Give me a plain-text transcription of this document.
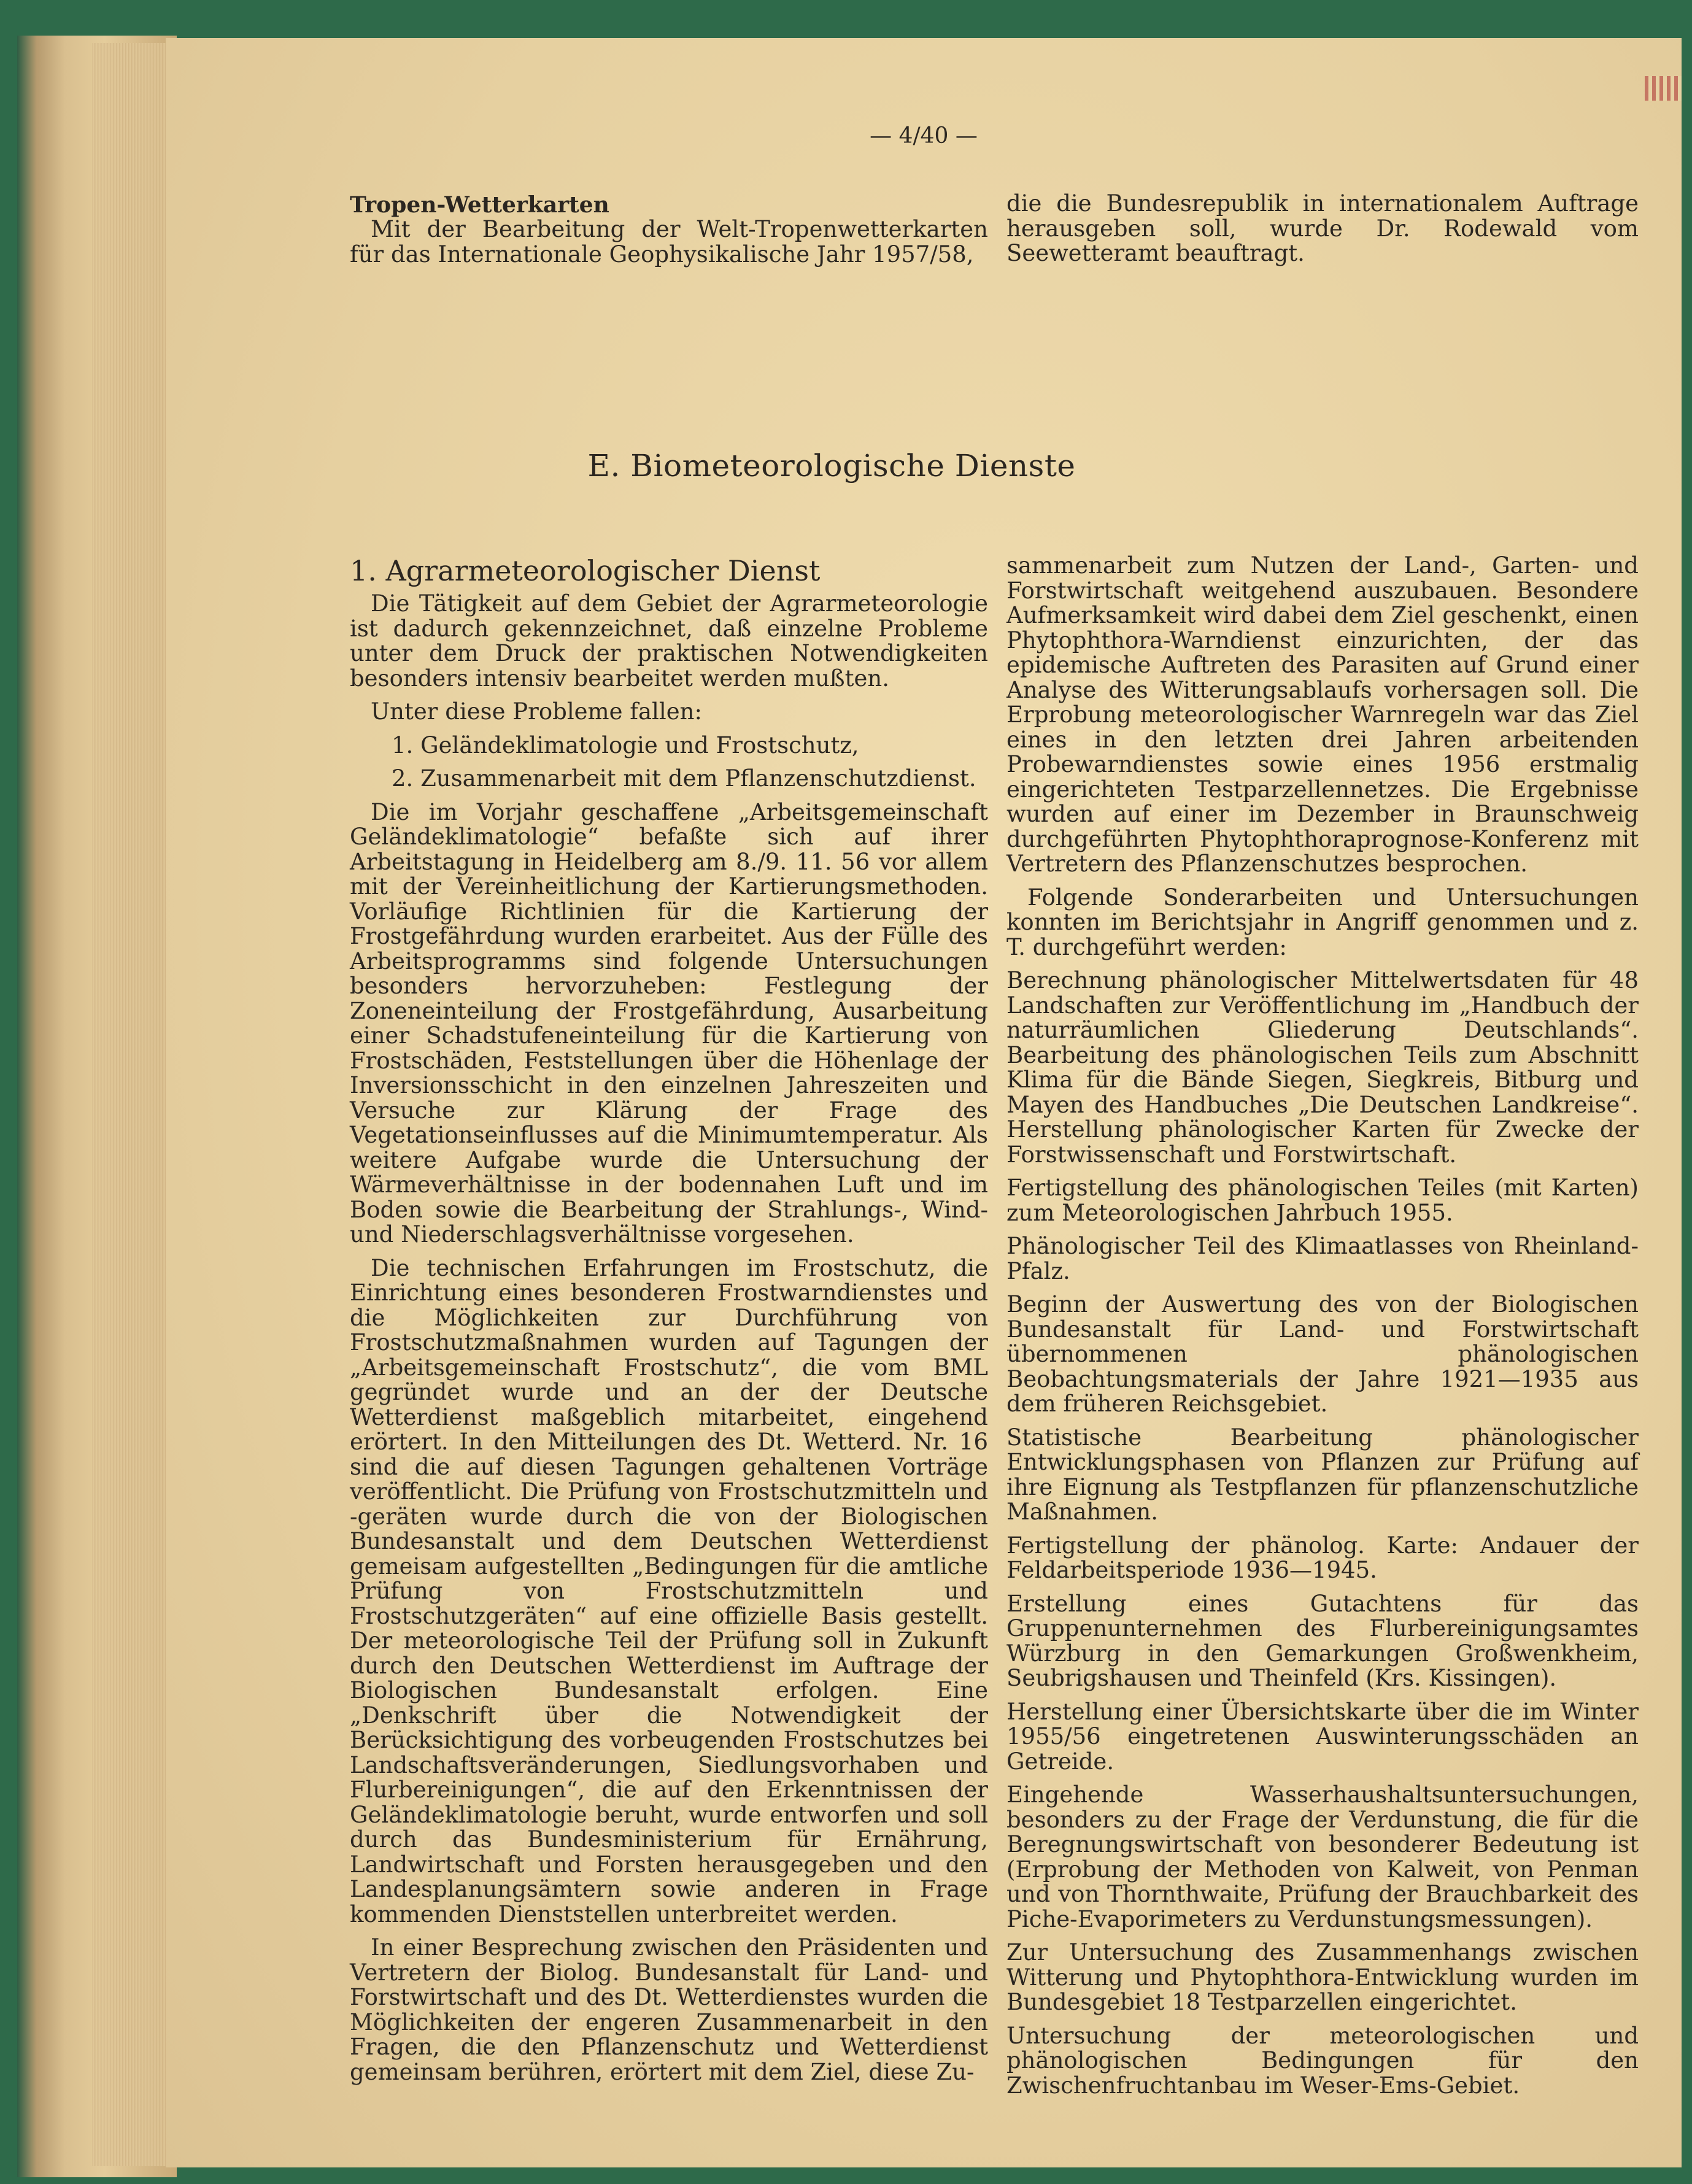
— 4/40 —
Tropen-Wetterkarten

Mit der Bearbeitung der Welt-Tropenwetterkarten für das Internationale Geophysikalische Jahr 1957/58,

die die Bundesrepublik in internationalem Auftrage herausgeben soll, wurde Dr. Rodewald vom Seewetteramt beauftragt.

E. Biometeorologische Dienste
1. Agrarmeteorologischer Dienst

Die Tätigkeit auf dem Gebiet der Agrarmeteorologie ist dadurch gekennzeichnet, daß einzelne Probleme unter dem Druck der praktischen Notwendigkeiten besonders intensiv bearbeitet werden mußten.

Unter diese Probleme fallen:

1. Geländeklimatologie und Frostschutz,

2. Zusammenarbeit mit dem Pflanzenschutzdienst.

Die im Vorjahr geschaffene „Arbeitsgemeinschaft Geländeklimatologie“ befaßte sich auf ihrer Arbeitstagung in Heidelberg am 8./9. 11. 56 vor allem mit der Vereinheitlichung der Kartierungsmethoden. Vorläufige Richtlinien für die Kartierung der Frostgefährdung wurden erarbeitet. Aus der Fülle des Arbeitsprogramms sind folgende Untersuchungen besonders hervorzuheben: Festlegung der Zoneneinteilung der Frostgefährdung, Ausarbeitung einer Schadstufeneinteilung für die Kartierung von Frostschäden, Feststellungen über die Höhenlage der Inversionsschicht in den einzelnen Jahreszeiten und Versuche zur Klärung der Frage des Vegetationseinflusses auf die Minimumtemperatur. Als weitere Aufgabe wurde die Untersuchung der Wärmeverhältnisse in der bodennahen Luft und im Boden sowie die Bearbeitung der Strahlungs-, Wind- und Niederschlagsverhältnisse vorgesehen.

Die technischen Erfahrungen im Frostschutz, die Einrichtung eines besonderen Frostwarndienstes und die Möglichkeiten zur Durchführung von Frostschutzmaßnahmen wurden auf Tagungen der „Arbeitsgemeinschaft Frostschutz“, die vom BML gegründet wurde und an der der Deutsche Wetterdienst maßgeblich mitarbeitet, eingehend erörtert. In den Mitteilungen des Dt. Wetterd. Nr. 16 sind die auf diesen Tagungen gehaltenen Vorträge veröffentlicht. Die Prüfung von Frostschutzmitteln und -geräten wurde durch die von der Biologischen Bundesanstalt und dem Deutschen Wetterdienst gemeisam aufgestellten „Bedingungen für die amtliche Prüfung von Frostschutzmitteln und Frostschutzgeräten“ auf eine offizielle Basis gestellt. Der meteorologische Teil der Prüfung soll in Zukunft durch den Deutschen Wetterdienst im Auftrage der Biologischen Bundesanstalt erfolgen. Eine „Denkschrift über die Notwendigkeit der Berücksichtigung des vorbeugenden Frostschutzes bei Landschaftsveränderungen, Siedlungsvorhaben und Flurbereinigungen“, die auf den Erkenntnissen der Geländeklimatologie beruht, wurde entworfen und soll durch das Bundesministerium für Ernährung, Landwirtschaft und Forsten herausgegeben und den Landesplanungsämtern sowie anderen in Frage kommenden Dienststellen unterbreitet werden.

In einer Besprechung zwischen den Präsidenten und Vertretern der Biolog. Bundesanstalt für Land- und Forstwirtschaft und des Dt. Wetterdienstes wurden die Möglichkeiten der engeren Zusammenarbeit in den Fragen, die den Pflanzenschutz und Wetterdienst gemeinsam berühren, erörtert mit dem Ziel, diese Zu-

sammenarbeit zum Nutzen der Land-, Garten- und Forstwirtschaft weitgehend auszubauen. Besondere Aufmerksamkeit wird dabei dem Ziel geschenkt, einen Phytophthora-Warndienst einzurichten, der das epidemische Auftreten des Parasiten auf Grund einer Analyse des Witterungsablaufs vorhersagen soll. Die Erprobung meteorologischer Warnregeln war das Ziel eines in den letzten drei Jahren arbeitenden Probewarndienstes sowie eines 1956 erstmalig eingerichteten Testparzellennetzes. Die Ergebnisse wurden auf einer im Dezember in Braunschweig durchgeführten Phytophthoraprognose-Konferenz mit Vertretern des Pflanzenschutzes besprochen.

Folgende Sonderarbeiten und Untersuchungen konnten im Berichtsjahr in Angriff genommen und z. T. durchgeführt werden:

Berechnung phänologischer Mittelwertsdaten für 48 Landschaften zur Veröffentlichung im „Handbuch der naturräumlichen Gliederung Deutschlands“. Bearbeitung des phänologischen Teils zum Abschnitt Klima für die Bände Siegen, Siegkreis, Bitburg und Mayen des Handbuches „Die Deutschen Landkreise“. Herstellung phänologischer Karten für Zwecke der Forstwissenschaft und Forstwirtschaft.

Fertigstellung des phänologischen Teiles (mit Karten) zum Meteorologischen Jahrbuch 1955.

Phänologischer Teil des Klimaatlasses von Rheinland-Pfalz.

Beginn der Auswertung des von der Biologischen Bundesanstalt für Land- und Forstwirtschaft übernommenen phänologischen Beobachtungsmaterials der Jahre 1921—1935 aus dem früheren Reichsgebiet.

Statistische Bearbeitung phänologischer Entwicklungsphasen von Pflanzen zur Prüfung auf ihre Eignung als Testpflanzen für pflanzenschutzliche Maßnahmen.

Fertigstellung der phänolog. Karte: Andauer der Feldarbeitsperiode 1936—1945.

Erstellung eines Gutachtens für das Gruppenunternehmen des Flurbereinigungsamtes Würzburg in den Gemarkungen Großwenkheim, Seubrigshausen und Theinfeld (Krs. Kissingen).

Herstellung einer Übersichtskarte über die im Winter 1955/56 eingetretenen Auswinterungsschäden an Getreide.

Eingehende Wasserhaushaltsuntersuchungen, besonders zu der Frage der Verdunstung, die für die Beregnungswirtschaft von besonderer Bedeutung ist (Erprobung der Methoden von Kalweit, von Penman und von Thornthwaite, Prüfung der Brauchbarkeit des Piche-Evaporimeters zu Verdunstungsmessungen).

Zur Untersuchung des Zusammenhangs zwischen Witterung und Phytophthora-Entwicklung wurden im Bundesgebiet 18 Testparzellen eingerichtet.

Untersuchung der meteorologischen und phänologischen Bedingungen für den Zwischenfruchtanbau im Weser-Ems-Gebiet.
